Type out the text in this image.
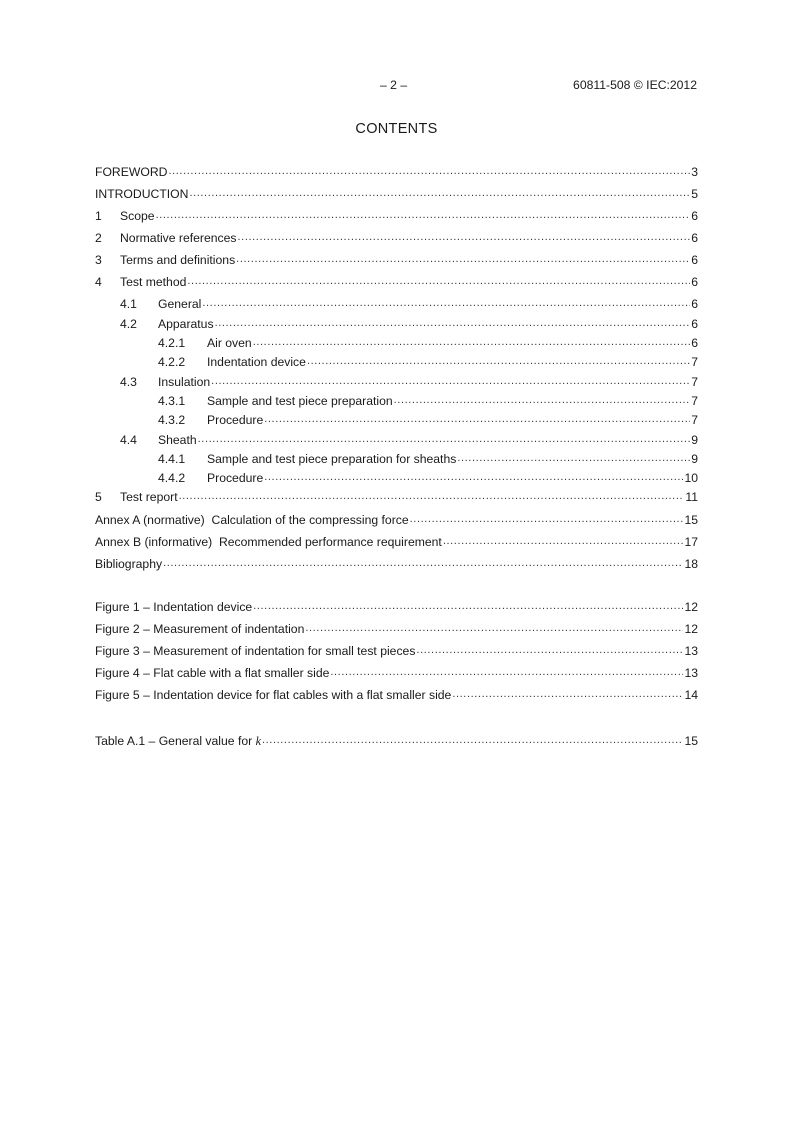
– 2 –	60811-508 © IEC:2012
CONTENTS
FOREWORD .....	3
INTRODUCTION .....	5
1	Scope .....	6
2	Normative references .....	6
3	Terms and definitions .....	6
4	Test method .....	6
4.1	General .....	6
4.2	Apparatus .....	6
4.2.1	Air oven .....	6
4.2.2	Indentation device .....	7
4.3	Insulation .....	7
4.3.1	Sample and test piece preparation .....	7
4.3.2	Procedure .....	7
4.4	Sheath .....	9
4.4.1	Sample and test piece preparation for sheaths .....	9
4.4.2	Procedure .....	10
5	Test report .....	11
Annex A (normative)  Calculation of the compressing force .....	15
Annex B (informative)  Recommended performance requirement .....	17
Bibliography .....	18
Figure 1 – Indentation device .....	12
Figure 2 – Measurement of indentation .....	12
Figure 3 – Measurement of indentation for small test pieces .....	13
Figure 4 – Flat cable with a flat smaller side .....	13
Figure 5 – Indentation device for flat cables with a flat smaller side .....	14
Table A.1 – General value for k .....	15
